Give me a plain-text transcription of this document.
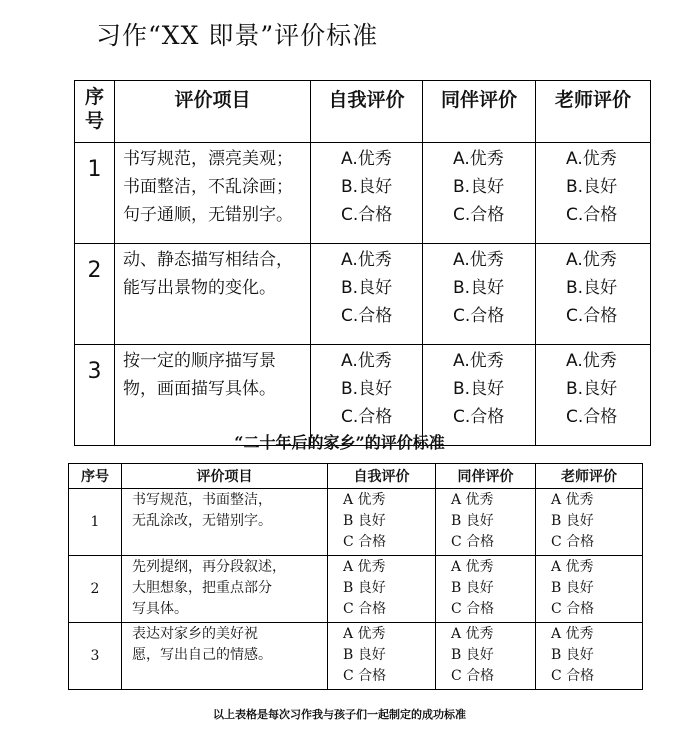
习作“XX 即景”评价标准
序
号	评价项目	自我评价	同伴评价	老师评价
1	书写规范，漂亮美观；
书面整洁，不乱涂画；
句子通顺，无错别字。	A.优秀
B.良好
C.合格	A.优秀
B.良好
C.合格	A.优秀
B.良好
C.合格

2	动、静态描写相结合，
能写出景物的变化。	A.优秀
B.良好
C.合格	A.优秀
B.良好
C.合格	A.优秀
B.良好
C.合格

3	按一定的顺序描写景
物，画面描写具体。	A.优秀
B.良好
C.合格	A.优秀
B.良好
C.合格	A.优秀
B.良好
C.合格
“二十年后的家乡”的评价标准
序号	评价项目	自我评价	同伴评价	老师评价
1	书写规范，书面整洁，
无乱涂改，无错别字。	A 优秀
B 良好
C 合格	A 优秀
B 良好
C 合格	A 优秀
B 良好
C 合格

2	先列提纲，再分段叙述，
大胆想象，把重点部分
写具体。	A 优秀
B 良好
C 合格	A 优秀
B 良好
C 合格	A 优秀
B 良好
C 合格

3	表达对家乡的美好祝
愿，写出自己的情感。	A 优秀
B 良好
C 合格	A 优秀
B 良好
C 合格	A 优秀
B 良好
C 合格
以上表格是每次习作我与孩子们一起制定的成功标准
